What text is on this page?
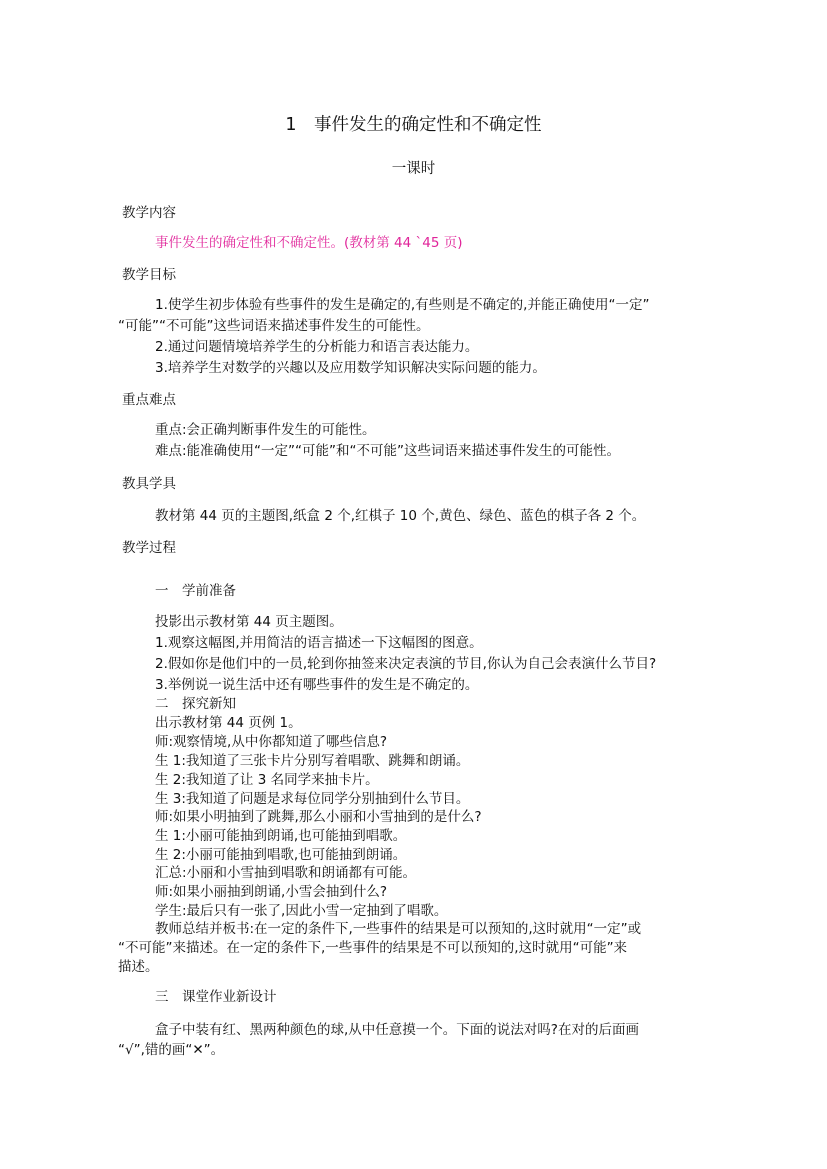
1　事件发生的确定性和不确定性
一课时
教学内容
事件发生的确定性和不确定性。(教材第 44 `45 页)
教学目标
1.使学生初步体验有些事件的发生是确定的,有些则是不确定的,并能正确使用“一定”
“可能”“不可能”这些词语来描述事件发生的可能性。
2.通过问题情境培养学生的分析能力和语言表达能力。
3.培养学生对数学的兴趣以及应用数学知识解决实际问题的能力。
重点难点
重点:会正确判断事件发生的可能性。
难点:能准确使用“一定”“可能”和“不可能”这些词语来描述事件发生的可能性。
教具学具
教材第 44 页的主题图,纸盒 2 个,红棋子 10 个,黄色、绿色、蓝色的棋子各 2 个。
教学过程
一　学前准备
投影出示教材第 44 页主题图。
1.观察这幅图,并用简洁的语言描述一下这幅图的图意。
2.假如你是他们中的一员,轮到你抽签来决定表演的节目,你认为自己会表演什么节目?
3.举例说一说生活中还有哪些事件的发生是不确定的。
二　探究新知
出示教材第 44 页例 1。
师:观察情境,从中你都知道了哪些信息?
生 1:我知道了三张卡片分别写着唱歌、跳舞和朗诵。
生 2:我知道了让 3 名同学来抽卡片。
生 3:我知道了问题是求每位同学分别抽到什么节目。
师:如果小明抽到了跳舞,那么小丽和小雪抽到的是什么?
生 1:小丽可能抽到朗诵,也可能抽到唱歌。
生 2:小丽可能抽到唱歌,也可能抽到朗诵。
汇总:小丽和小雪抽到唱歌和朗诵都有可能。
师:如果小丽抽到朗诵,小雪会抽到什么?
学生:最后只有一张了,因此小雪一定抽到了唱歌。
教师总结并板书:在一定的条件下,一些事件的结果是可以预知的,这时就用“一定”或
“不可能”来描述。在一定的条件下,一些事件的结果是不可以预知的,这时就用“可能”来
描述。
三　课堂作业新设计
盒子中装有红、黑两种颜色的球,从中任意摸一个。下面的说法对吗?在对的后面画
“√”,错的画“✕”。
